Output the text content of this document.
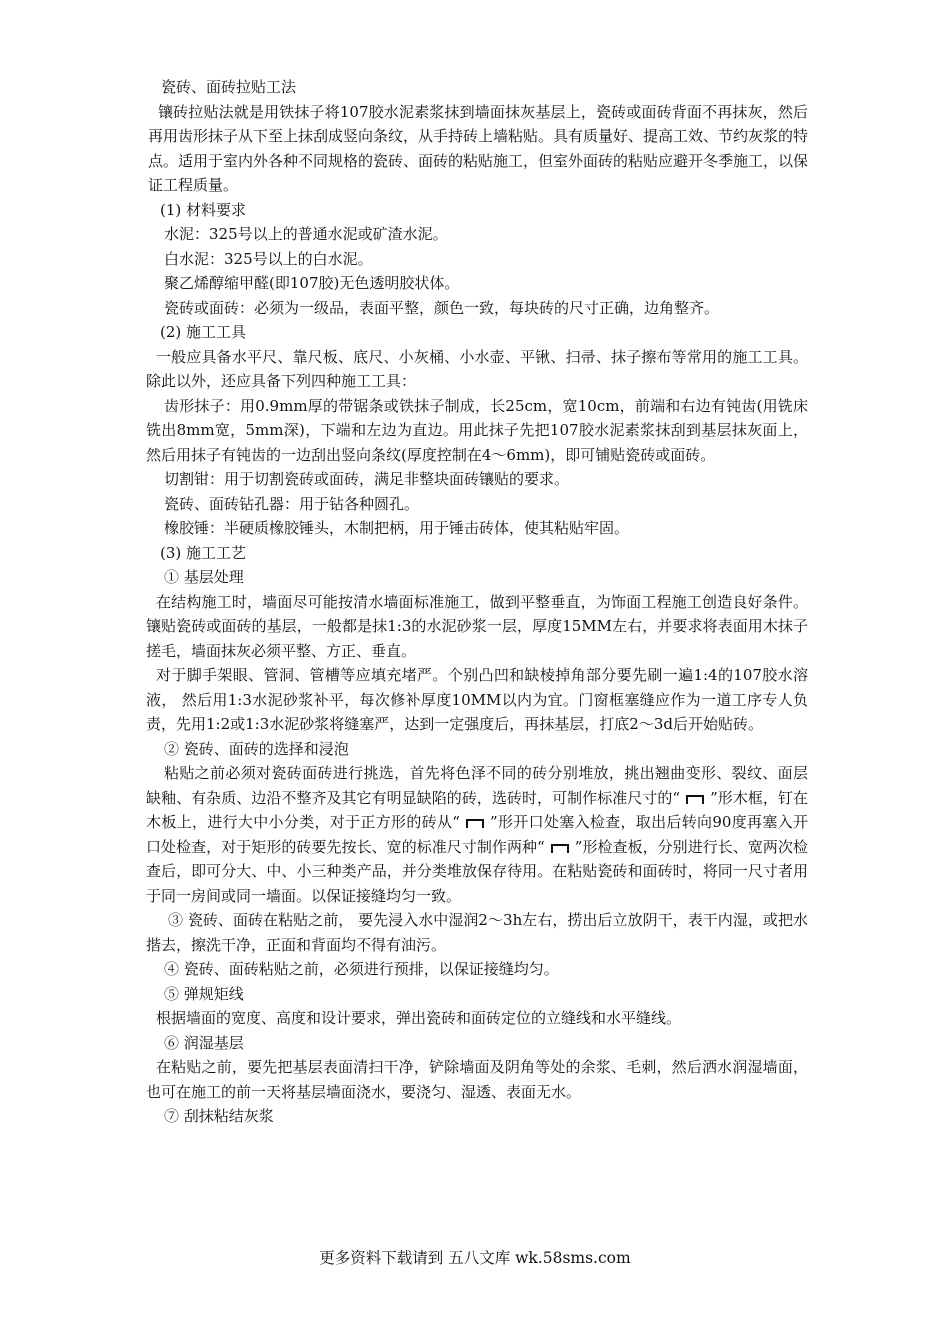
瓷砖、面砖拉贴工法

镶砖拉贴法就是用铁抹子将107胶水泥素浆抹到墙面抹灰基层上，瓷砖或面砖背面不再抹灰，然后再用齿形抹子从下至上抹刮成竖向条纹，从手持砖上墙粘贴。具有质量好、提高工效、节约灰浆的特点。适用于室内外各种不同规格的瓷砖、面砖的粘贴施工，但室外面砖的粘贴应避开冬季施工，以保证工程质量。

(1) 材料要求

水泥：325号以上的普通水泥或矿渣水泥。

白水泥：325号以上的白水泥。

聚乙烯醇缩甲醛(即107胶)无色透明胶状体。

瓷砖或面砖：必须为一级品，表面平整，颜色一致，每块砖的尺寸正确，边角整齐。

(2) 施工工具

一般应具备水平尺、靠尺板、底尺、小灰桶、小水壶、平锹、扫帚、抹子擦布等常用的施工工具。除此以外，还应具备下列四种施工工具：

齿形抹子：用0.9mm厚的带锯条或铁抹子制成，长25cm，宽10cm，前端和右边有钝齿(用铣床铣出8mm宽，5mm深)，下端和左边为直边。用此抹子先把107胶水泥素浆抹刮到基层抹灰面上，然后用抹子有钝齿的一边刮出竖向条纹(厚度控制在4～6mm)，即可铺贴瓷砖或面砖。

切割钳：用于切割瓷砖或面砖，满足非整块面砖镶贴的要求。

瓷砖、面砖钻孔器：用于钻各种圆孔。

橡胶锤：半硬质橡胶锤头，木制把柄，用于锤击砖体，使其粘贴牢固。

(3) 施工工艺

① 基层处理

在结构施工时，墙面尽可能按清水墙面标准施工，做到平整垂直，为饰面工程施工创造良好条件。镶贴瓷砖或面砖的基层，一般都是抹1:3的水泥砂浆一层，厚度15MM左右，并要求将表面用木抹子搓毛，墙面抹灰必须平整、方正、垂直。

对于脚手架眼、管洞、管槽等应填充堵严。个别凸凹和缺棱掉角部分要先刷一遍1:4的107胶水溶液， 然后用1:3水泥砂浆补平，每次修补厚度10MM以内为宜。门窗框塞缝应作为一道工序专人负责，先用1:2或1:3水泥砂浆将缝塞严，达到一定强度后，再抹基层，打底2～3d后开始贴砖。

② 瓷砖、面砖的选择和浸泡

粘贴之前必须对瓷砖面砖进行挑选，首先将色泽不同的砖分别堆放，挑出翘曲变形、裂纹、面层缺釉、有杂质、边沿不整齐及其它有明显缺陷的砖，选砖时，可制作标准尺寸的“ ”形木框，钉在木板上，进行大中小分类，对于正方形的砖从“ ”形开口处塞入检查，取出后转向90度再塞入开口处检查，对于矩形的砖要先按长、宽的标准尺寸制作两种“ ”形检查板，分别进行长、宽两次检查后，即可分大、中、小三种类产品，并分类堆放保存待用。在粘贴瓷砖和面砖时，将同一尺寸者用于同一房间或同一墙面。以保证接缝均匀一致。

③ 瓷砖、面砖在粘贴之前， 要先浸入水中湿润2～3h左右，捞出后立放阴干，表干内湿，或把水揩去，擦洗干净，正面和背面均不得有油污。

④ 瓷砖、面砖粘贴之前，必须进行预排，以保证接缝均匀。

⑤ 弹规矩线

根据墙面的宽度、高度和设计要求，弹出瓷砖和面砖定位的立缝线和水平缝线。

⑥ 润湿基层

在粘贴之前，要先把基层表面清扫干净，铲除墙面及阴角等处的余浆、毛刺，然后洒水润湿墙面，也可在施工的前一天将基层墙面浇水，要浇匀、湿透、表面无水。

⑦ 刮抹粘结灰浆

更多资料下载请到 五八文库 wk.58sms.com
